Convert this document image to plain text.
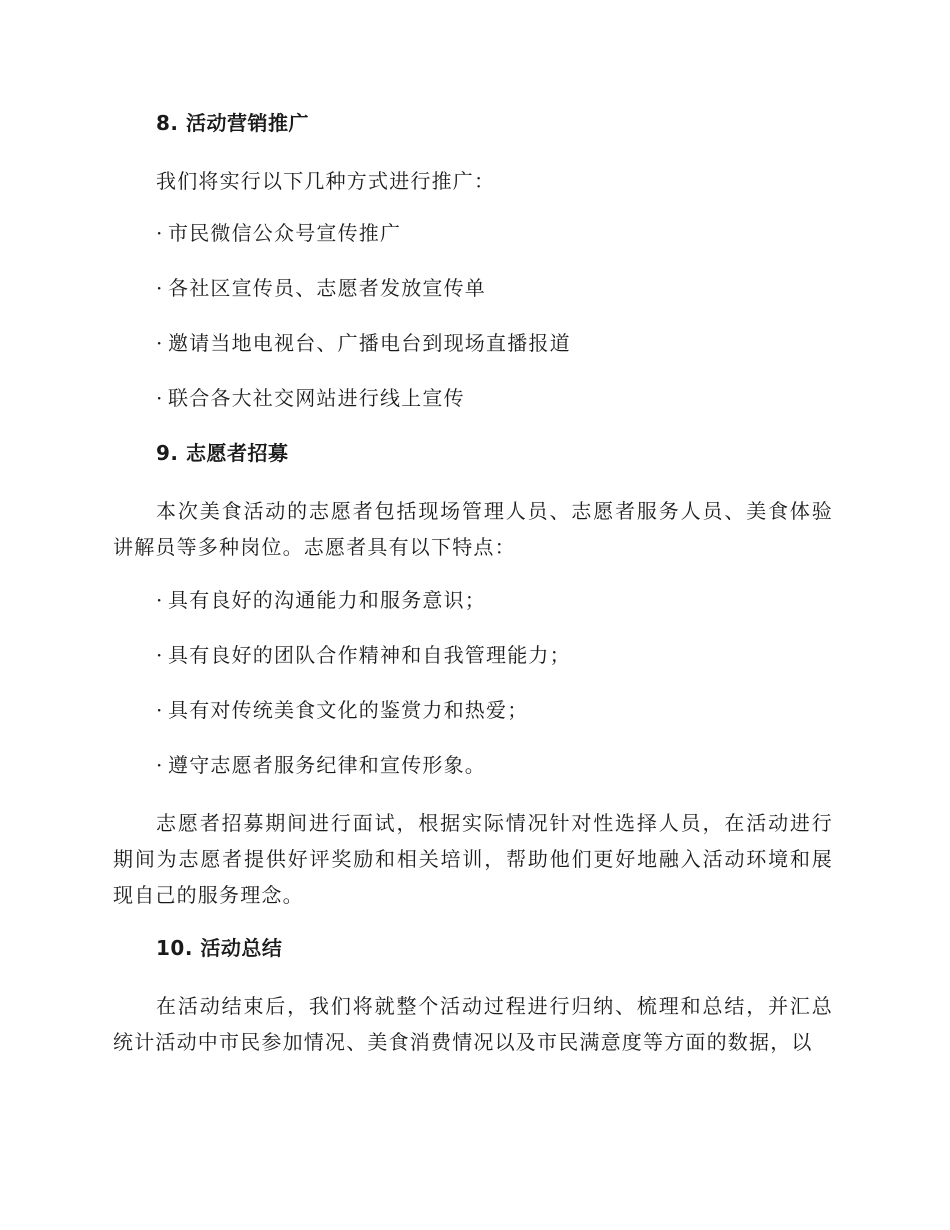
8. 活动营销推广
我们将实行以下几种方式进行推广：
· 市民微信公众号宣传推广
· 各社区宣传员、志愿者发放宣传单
· 邀请当地电视台、广播电台到现场直播报道
· 联合各大社交网站进行线上宣传
9. 志愿者招募
本次美食活动的志愿者包括现场管理人员、志愿者服务人员、美食体验讲解员等多种岗位。志愿者具有以下特点：
· 具有良好的沟通能力和服务意识；
· 具有良好的团队合作精神和自我管理能力；
· 具有对传统美食文化的鉴赏力和热爱；
· 遵守志愿者服务纪律和宣传形象。
志愿者招募期间进行面试，根据实际情况针对性选择人员，在活动进行期间为志愿者提供好评奖励和相关培训，帮助他们更好地融入活动环境和展现自己的服务理念。
10. 活动总结
在活动结束后，我们将就整个活动过程进行归纳、梳理和总结，并汇总统计活动中市民参加情况、美食消费情况以及市民满意度等方面的数据，以
